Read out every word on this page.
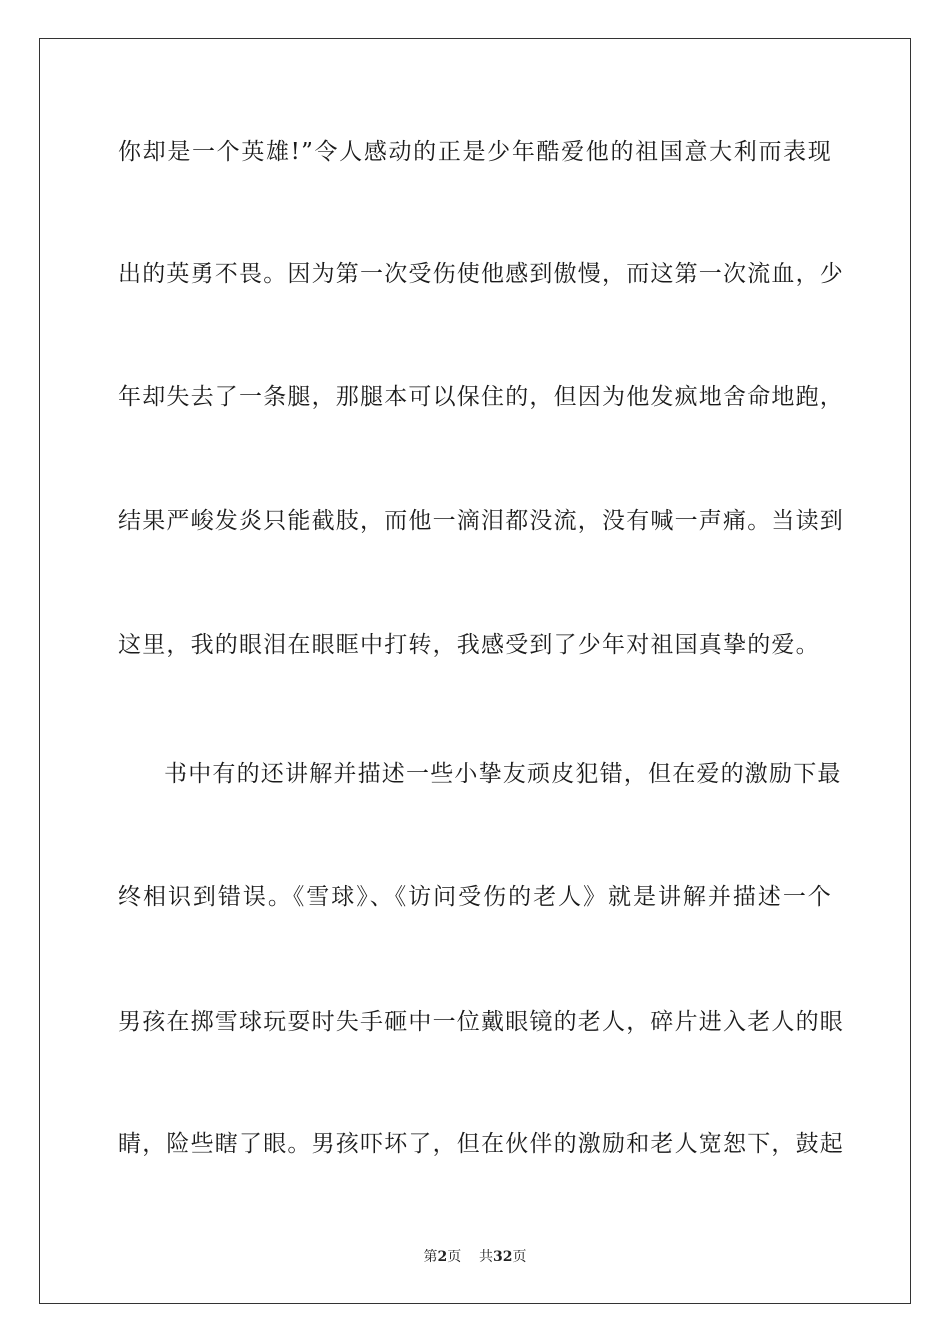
你却是一个英雄!”令人感动的正是少年酷爱他的祖国意大利而表现
出的英勇不畏。因为第一次受伤使他感到傲慢，而这第一次流血，少
年却失去了一条腿，那腿本可以保住的，但因为他发疯地舍命地跑，
结果严峻发炎只能截肢，而他一滴泪都没流，没有喊一声痛。当读到
这里，我的眼泪在眼眶中打转，我感受到了少年对祖国真挚的爱。
书中有的还讲解并描述一些小挚友顽皮犯错，但在爱的激励下最
终相识到错误。《雪球》、《访问受伤的老人》就是讲解并描述一个
男孩在掷雪球玩耍时失手砸中一位戴眼镜的老人，碎片进入老人的眼
睛，险些瞎了眼。男孩吓坏了，但在伙伴的激励和老人宽恕下，鼓起
第2页 共32页
